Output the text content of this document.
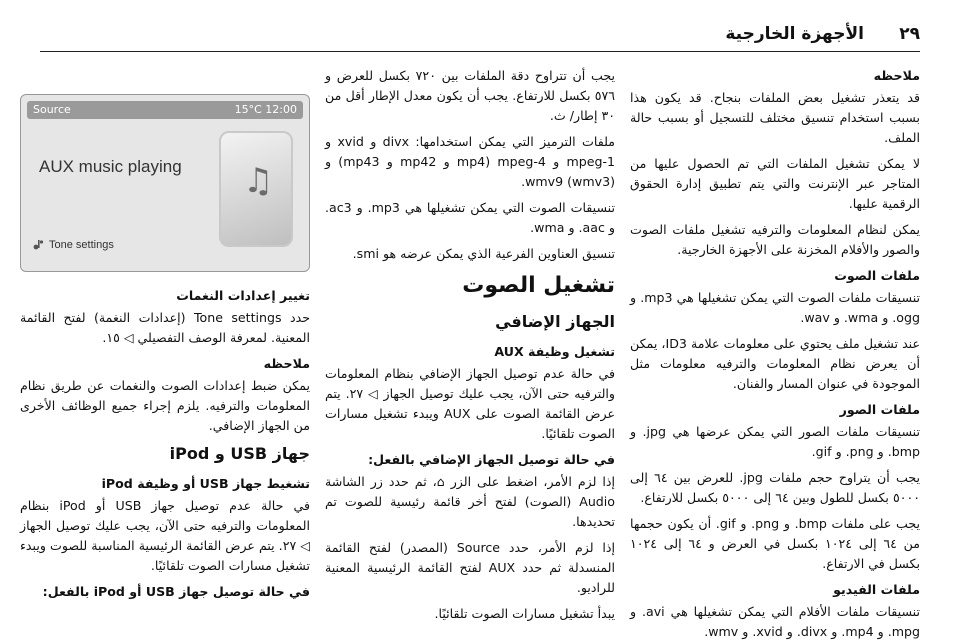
٢٩
الأجهزة الخارجية

ملاحظه

قد يتعذر تشغيل بعض الملفات بنجاح. قد يكون هذا بسبب استخدام تنسيق مختلف للتسجيل أو بسبب حالة الملف.

لا يمكن تشغيل الملفات التي تم الحصول عليها من المتاجر عبر الإنترنت والتي يتم تطبيق إدارة الحقوق الرقمية عليها.

يمكن لنظام المعلومات والترفيه تشغيل ملفات الصوت والصور والأفلام المخزنة على الأجهزة الخارجية.

ملفات الصوت

تنسيقات ملفات الصوت التي يمكن تشغيلها هي mp3. و ogg. و wma. و wav.

عند تشغيل ملف يحتوي على معلومات علامة ID3، يمكن أن يعرض نظام المعلومات والترفيه معلومات مثل الموجودة في عنوان المسار والفنان.

ملفات الصور

تنسيقات ملفات الصور التي يمكن عرضها هي jpg. و bmp. و png. و gif.

يجب أن يتراوح حجم ملفات jpg. للعرض بين ٦٤ إلى ٥٠٠٠ بكسل للطول وبين ٦٤ إلى ٥٠٠٠ بكسل للارتفاع.

يجب على ملفات bmp. و png. و gif. أن يكون حجمها من ٦٤ إلى ١٠٢٤ بكسل في العرض و ٦٤ إلى ١٠٢٤ بكسل في الارتفاع.

ملفات الفيديو

تنسيقات ملفات الأفلام التي يمكن تشغيلها هي avi. و mpg. و mp4. و divx. و xvid. و wmv.

يجب أن تتراوح دقة الملفات بين ٧٢٠ بكسل للعرض و ٥٧٦ بكسل للارتفاع. يجب أن يكون معدل الإطار أقل من ٣٠ إطار/ ث.

ملفات الترميز التي يمكن استخدامها: divx و xvid و mpeg-1 و mpeg-4 (mp4 و mp42 و mp43) و wmv9 (wmv3).

تنسيقات الصوت التي يمكن تشغيلها هي mp3. و ac3. و aac. و wma.

تنسيق العناوين الفرعية الذي يمكن عرضه هو smi.

تشغيل الصوت

الجهاز الإضافي

تشغيل وظيفة AUX

في حالة عدم توصيل الجهاز الإضافي بنظام المعلومات والترفيه حتى الآن، يجب عليك توصيل الجهاز ◁ ٢٧. يتم عرض القائمة الصوت على AUX ويبدء تشغيل مسارات الصوت تلقائيًا.

في حالة توصيل الجهاز الإضافي بالفعل:

إذا لزم الأمر، اضغط على الزر ⌂، ثم حدد زر الشاشة Audio (الصوت) لفتح أخر قائمة رئيسية للصوت تم تحديدها.

إذا لزم الأمر، حدد Source (المصدر) لفتح القائمة المنسدلة ثم حدد AUX لفتح القائمة الرئيسية المعنية للراديو.

يبدأ تشغيل مسارات الصوت تلقائيًا.

Source	15°C 12:00
♫
AUX music playing
Tone settings

تغيير إعدادات النغمات

حدد Tone settings (إعدادات النغمة) لفتح القائمة المعنية. لمعرفة الوصف التفصيلي ◁ ١٥.

ملاحظه

يمكن ضبط إعدادات الصوت والنغمات عن طريق نظام المعلومات والترفيه. يلزم إجراء جميع الوظائف الأخرى من الجهاز الإضافي.

جهاز USB و iPod

تشغيط جهاز USB أو وظيفة iPod

في حالة عدم توصيل جهاز USB أو iPod بنظام المعلومات والترفيه حتى الآن، يجب عليك توصيل الجهاز ◁ ٢٧. يتم عرض القائمة الرئيسية المناسبة للصوت ويبدء تشغيل مسارات الصوت تلقائيًا.

في حالة توصيل جهاز USB أو iPod بالفعل:
